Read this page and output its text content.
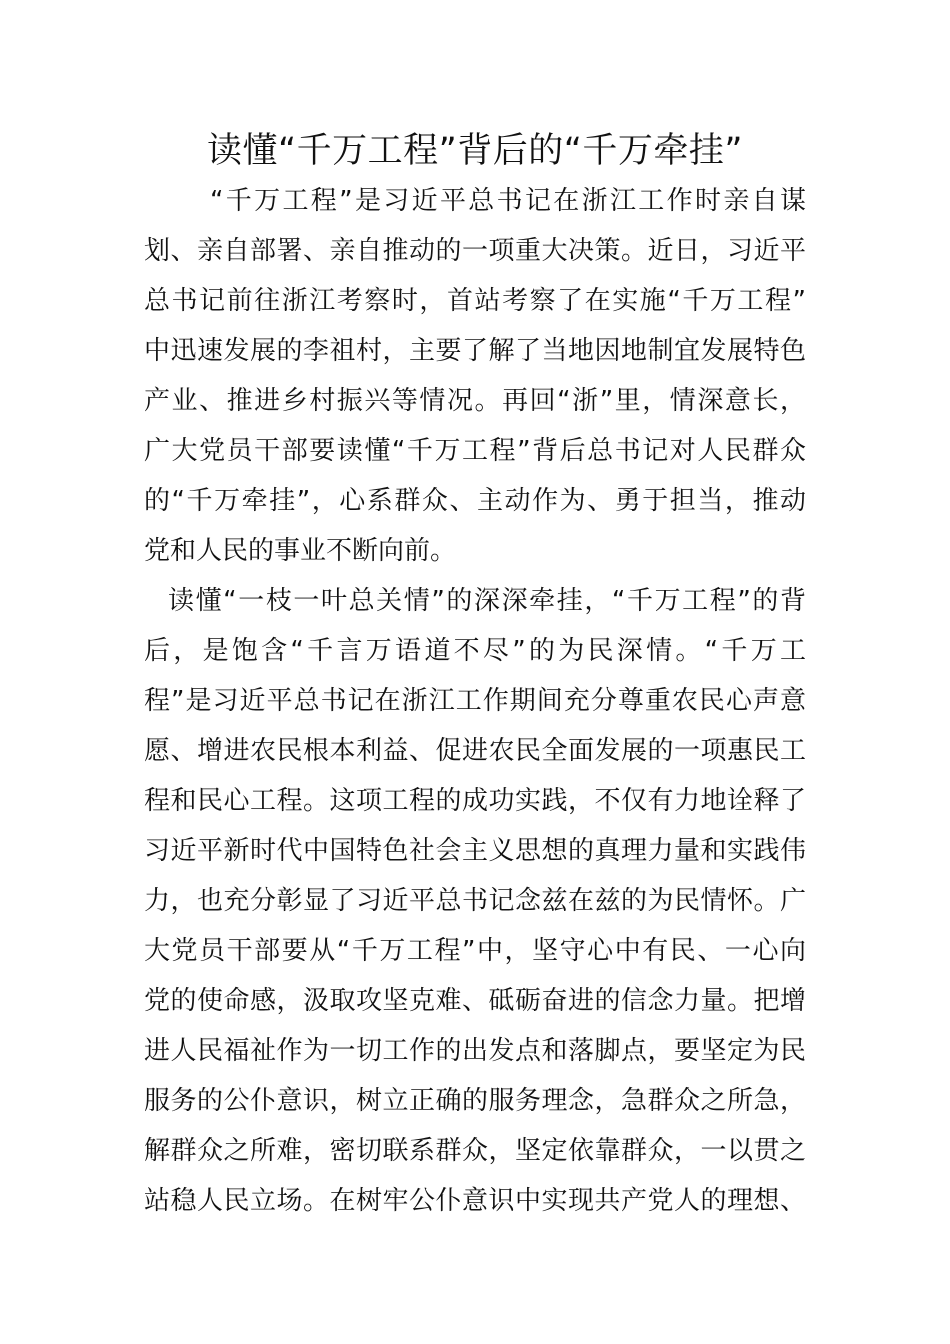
读懂“千万工程”背后的“千万牵挂”
“千万工程”是习近平总书记在浙江工作时亲自谋
划、亲自部署、亲自推动的一项重大决策。近日，习近平
总书记前往浙江考察时，首站考察了在实施“千万工程”
中迅速发展的李祖村，主要了解了当地因地制宜发展特色
产业、推进乡村振兴等情况。再回“浙”里，情深意长，
广大党员干部要读懂“千万工程”背后总书记对人民群众
的“千万牵挂”，心系群众、主动作为、勇于担当，推动
党和人民的事业不断向前。
读懂“一枝一叶总关情”的深深牵挂，“千万工程”的背
后，是饱含“千言万语道不尽”的为民深情。“千万工
程”是习近平总书记在浙江工作期间充分尊重农民心声意
愿、增进农民根本利益、促进农民全面发展的一项惠民工
程和民心工程。这项工程的成功实践，不仅有力地诠释了
习近平新时代中国特色社会主义思想的真理力量和实践伟
力，也充分彰显了习近平总书记念兹在兹的为民情怀。广
大党员干部要从“千万工程”中，坚守心中有民、一心向
党的使命感，汲取攻坚克难、砥砺奋进的信念力量。把增
进人民福祉作为一切工作的出发点和落脚点，要坚定为民
服务的公仆意识，树立正确的服务理念，急群众之所急，
解群众之所难，密切联系群众，坚定依靠群众，一以贯之
站稳人民立场。在树牢公仆意识中实现共产党人的理想、
